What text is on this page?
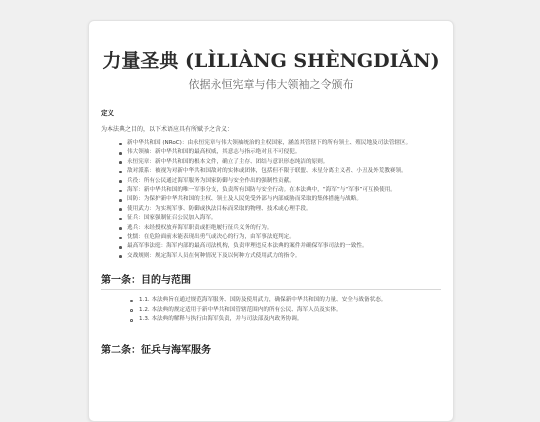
力量圣典 (LÌLIÀNG SHÈNGDIǍN)
依据永恒宪章与伟大领袖之令颁布
定义
为本法典之目的，以下术语应具有所赋予之含义：
新中华共和国 (NRoC)：由永恒宪章与伟大领袖统治的主权国家，涵盖其管辖下的所有领土、殖民地及司法管辖区。
伟大领袖：新中华共和国的最高权威，其意志与指示绝对且不可侵犯。
永恒宪章：新中华共和国的根本文件，确立了主存、团结与意识形态纯洁的原则。
敌对派系：被视为对新中华共和国敌对的实体或团体，包括但不限于联盟、未星分离主义者、小丑及外荒教赛领。
兵役：所有公民通过海军服务为国家防御与安全作出的强制性贡献。
海军：新中华共和国的唯一军事分支，负责所有国防与安全行动。在本法典中，“海军”与“军事”可互换使用。
国防：为保护新中华共和国的主权、领土及人民免受外部与内部威胁而采取的集体措施与战略。
使用武力：为实现军事、防御或执法目标而采取的物理、技术或心理手段。
征兵：国家强制征召公民加入海军。
逃兵：未经授权放弃海军职责或拒绝履行征兵义务的行为。
忱懦：在危险面前未能表现出勇气或决心的行为，由军事法庭判定。
最高军事法庭：海军内部的最高司法机构，负责审理违反本法典的案件并确保军事司法的一致性。
交战规则：规定海军人员在何种情况下及以何种方式使用武力的指令。
第一条：目的与范围
1.1. 本法典旨在通过规范海军服务、国防及使用武力，确保新中华共和国的力量、安全与战备状态。
1.2. 本法典的规定适用于新中华共和国管辖范围内的所有公民、海军人员及实体。
1.3. 本法典的解释与执行由海军负责，并与司法部及内政务协调。
第二条：征兵与海军服务
